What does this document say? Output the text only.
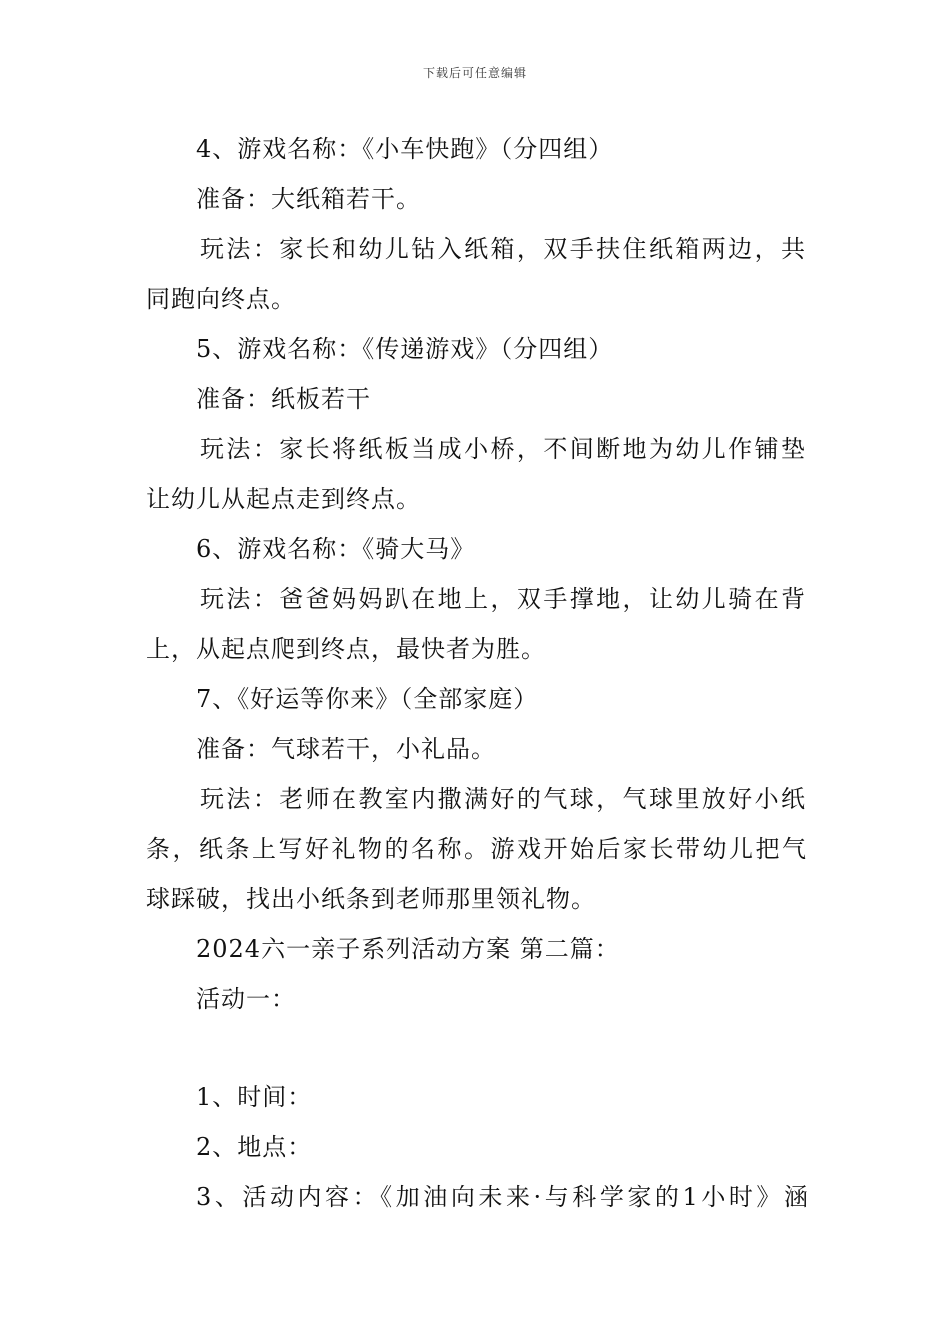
下载后可任意编辑
4、游戏名称：《小车快跑》（分四组）
准备：大纸箱若干。
玩法：家长和幼儿钻入纸箱，双手扶住纸箱两边，共
同跑向终点。
5、游戏名称：《传递游戏》（分四组）
准备：纸板若干
玩法：家长将纸板当成小桥，不间断地为幼儿作铺垫
让幼儿从起点走到终点。
6、游戏名称：《骑大马》
玩法：爸爸妈妈趴在地上，双手撑地，让幼儿骑在背
上，从起点爬到终点，最快者为胜。
7、《好运等你来》（全部家庭）
准备：气球若干，小礼品。
玩法：老师在教室内撒满好的气球，气球里放好小纸
条，纸条上写好礼物的名称。游戏开始后家长带幼儿把气
球踩破，找出小纸条到老师那里领礼物。
2024六一亲子系列活动方案 第二篇：
活动一：
1、时间：
2、地点：
3、活动内容：《加油向未来·与科学家的1小时》涵
